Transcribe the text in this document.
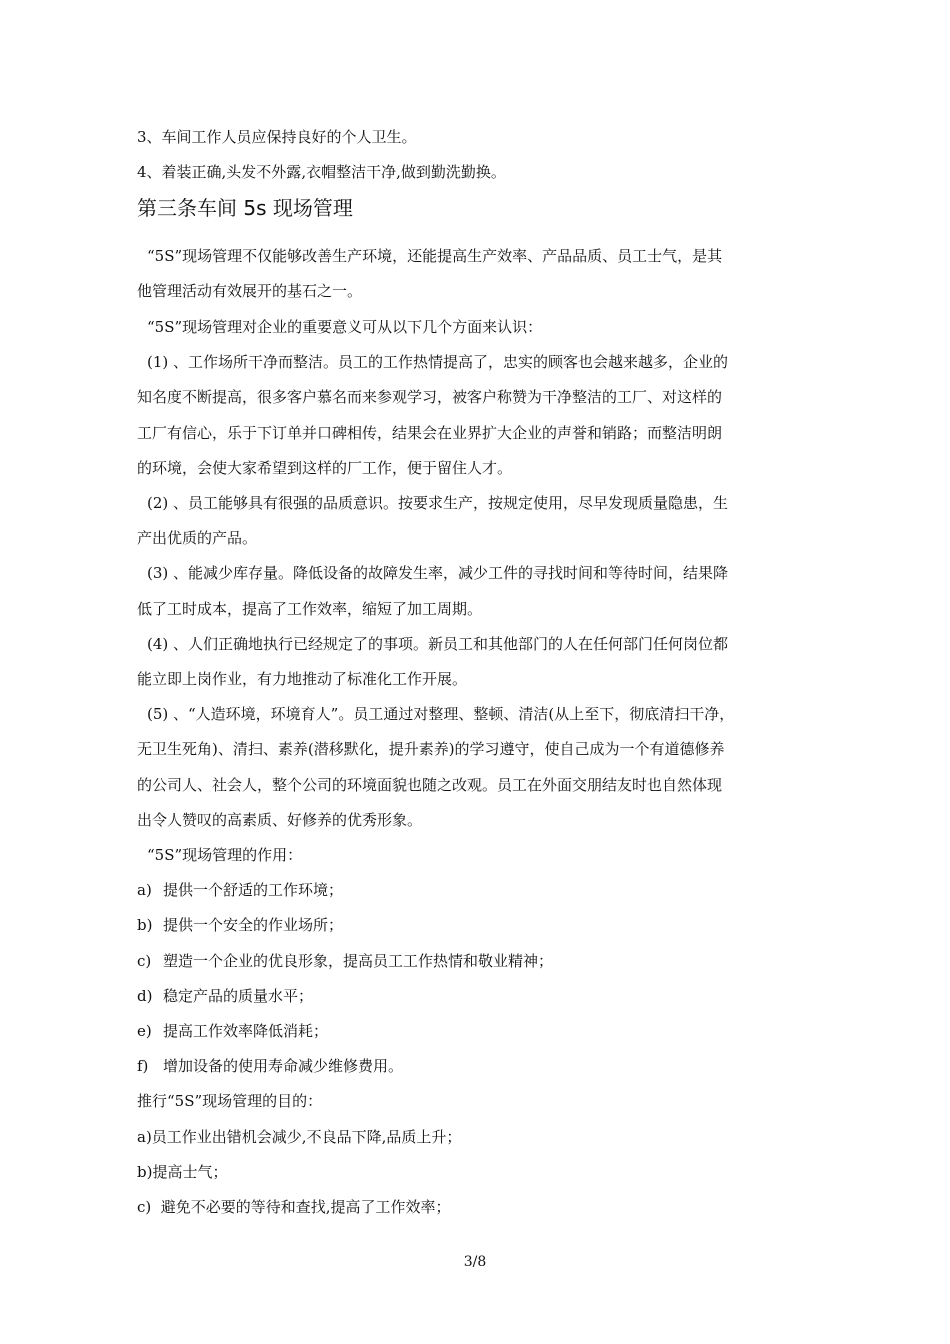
3、车间工作人员应保持良好的个人卫生。
4、着装正确,头发不外露,衣帽整洁干净,做到勤洗勤换。
第三条车间 5s 现场管理
“5S”现场管理不仅能够改善生产环境，还能提高生产效率、产品品质、员工士气，是其
他管理活动有效展开的基石之一。
“5S”现场管理对企业的重要意义可从以下几个方面来认识：
(1) 、工作场所干净而整洁。员工的工作热情提高了，忠实的顾客也会越来越多，企业的
知名度不断提高，很多客户慕名而来参观学习，被客户称赞为干净整洁的工厂、对这样的
工厂有信心，乐于下订单并口碑相传，结果会在业界扩大企业的声誉和销路；而整洁明朗
的环境，会使大家希望到这样的厂工作，便于留住人才。
(2) 、员工能够具有很强的品质意识。按要求生产，按规定使用，尽早发现质量隐患，生
产出优质的产品。
(3) 、能减少库存量。降低设备的故障发生率，减少工件的寻找时间和等待时间，结果降
低了工时成本，提高了工作效率，缩短了加工周期。
(4) 、人们正确地执行已经规定了的事项。新员工和其他部门的人在任何部门任何岗位都
能立即上岗作业，有力地推动了标准化工作开展。
(5) 、“人造环境，环境育人”。员工通过对整理、整顿、清洁(从上至下，彻底清扫干净，
无卫生死角)、清扫、素养(潜移默化，提升素养)的学习遵守，使自己成为一个有道德修养
的公司人、社会人，整个公司的环境面貌也随之改观。员工在外面交朋结友时也自然体现
出令人赞叹的高素质、好修养的优秀形象。
“5S”现场管理的作用：
a) 提供一个舒适的工作环境；
b) 提供一个安全的作业场所；
c) 塑造一个企业的优良形象，提高员工工作热情和敬业精神；
d) 稳定产品的质量水平；
e) 提高工作效率降低消耗；
f) 增加设备的使用寿命减少维修费用。
推行“5S”现场管理的目的：
a)员工作业出错机会减少,不良品下降,品质上升；
b)提高士气；
c)  避免不必要的等待和查找,提高了工作效率；
3/8
